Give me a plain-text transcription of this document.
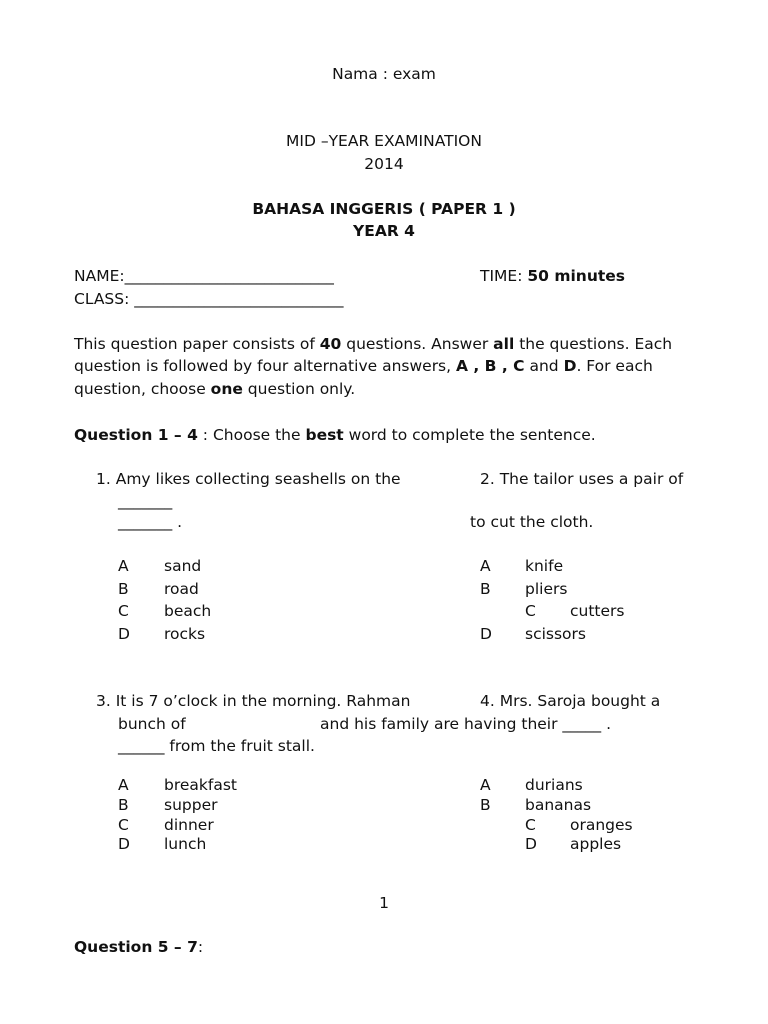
Nama : exam
MID –YEAR EXAMINATION
2014
BAHASA INGGERIS ( PAPER 1 )
YEAR 4
NAME:___________________________	TIME: 50 minutes
CLASS: ___________________________
This question paper consists of 40 questions. Answer all the questions. Each
question is followed by four alternative answers, A , B , C and D. For each
question, choose one question only.
Question 1 – 4 : Choose the best word to complete the sentence.
1. Amy likes collecting seashells on the
_______
_______ .
A sand
B road
C beach
D rocks
2. The tailor uses a pair of
to cut the cloth.
A knife
B pliers
C cutters
D scissors
3. It is 7 o’clock in the morning. Rahman	4. Mrs. Saroja bought a
bunch of	and his family are having their _____ .
______ from the fruit stall.
A breakfast
B supper
C dinner
D lunch
A durians
B bananas
C oranges
D apples
1
Question 5 – 7:
